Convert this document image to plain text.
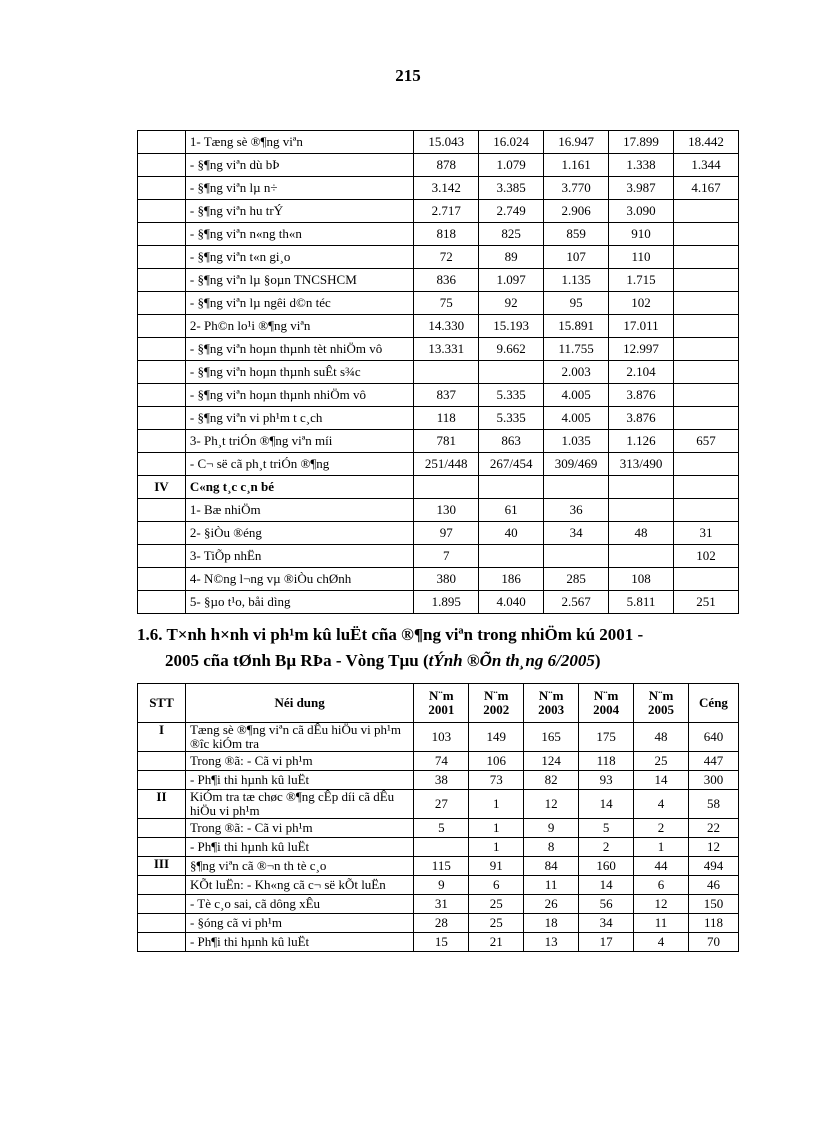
215
	1- Tæng sè ®¶ng viªn	15.043	16.024	16.947	17.899	18.442
	- §¶ng viªn dù bÞ	878	1.079	1.161	1.338	1.344
	- §¶ng viªn lµ n÷	3.142	3.385	3.770	3.987	4.167
	- §¶ng viªn hu trÝ	2.717	2.749	2.906	3.090	
	- §¶ng viªn n«ng th«n	818	825	859	910	
	- §¶ng viªn t«n gi¸o	72	89	107	110	
	- §¶ng viªn lµ §oµn TNCSHCM	836	1.097	1.135	1.715	
	- §¶ng viªn lµ ngêi d©n téc	75	92	95	102	
	2- Ph©n lo¹i ®¶ng viªn	14.330	15.193	15.891	17.011	
	- §¶ng viªn hoµn thµnh tèt nhiÖm vô	13.331	9.662	11.755	12.997	
	- §¶ng viªn hoµn thµnh suÊt s¾c			2.003	2.104	
	- §¶ng viªn hoµn thµnh nhiÖm vô	837	5.335	4.005	3.876	
	- §¶ng viªn vi ph¹m t c¸ch	118	5.335	4.005	3.876	
	3- Ph¸t triÓn ®¶ng viªn míi	781	863	1.035	1.126	657
	- C¬ së cã ph¸t triÓn ®¶ng	251/448	267/454	309/469	313/490	
IV	C«ng t¸c c¸n bé					
	1- Bæ nhiÖm	130	61	36		
	2- §iÒu ®éng	97	40	34	48	31
	3- TiÕp nhËn	7				102
	4- N©ng l¬ng vµ ®iÒu chØnh	380	186	285	108	
	5- §µo t¹o, båi dìng	1.895	4.040	2.567	5.811	251
1.6. T×nh h×nh vi ph¹m kû luËt cña ®¶ng viªn trong nhiÖm kú 2001 -
2005 cña tØnh Bµ RÞa - Vòng Tµu (tÝnh ®Õn th¸ng 6/2005)
STT	Néi dung	N¨m 2001	N¨m 2002	N¨m 2003	N¨m 2004	N¨m 2005	Céng
I	Tæng sè ®¶ng viªn cã dÊu hiÖu vi ph¹m ®îc kiÓm tra	103	149	165	175	48	640
	Trong ®ã: - Cã vi ph¹m	74	106	124	118	25	447
	- Ph¶i thi hµnh kû luËt	38	73	82	93	14	300
II	KiÓm tra tæ chøc ®¶ng cÊp díi cã dÊu hiÖu vi ph¹m	27	1	12	14	4	58
	Trong ®ã: - Cã vi ph¹m	5	1	9	5	2	22
	- Ph¶i thi hµnh kû luËt		1	8	2	1	12
III	§¶ng viªn cã ®¬n th tè c¸o	115	91	84	160	44	494
	KÕt luËn: - Kh«ng cã c¬ së kÕt luËn	9	6	11	14	6	46
	- Tè c¸o sai, cã dông xÊu	31	25	26	56	12	150
	- §óng cã vi ph¹m	28	25	18	34	11	118
	- Ph¶i thi hµnh kû luËt	15	21	13	17	4	70
